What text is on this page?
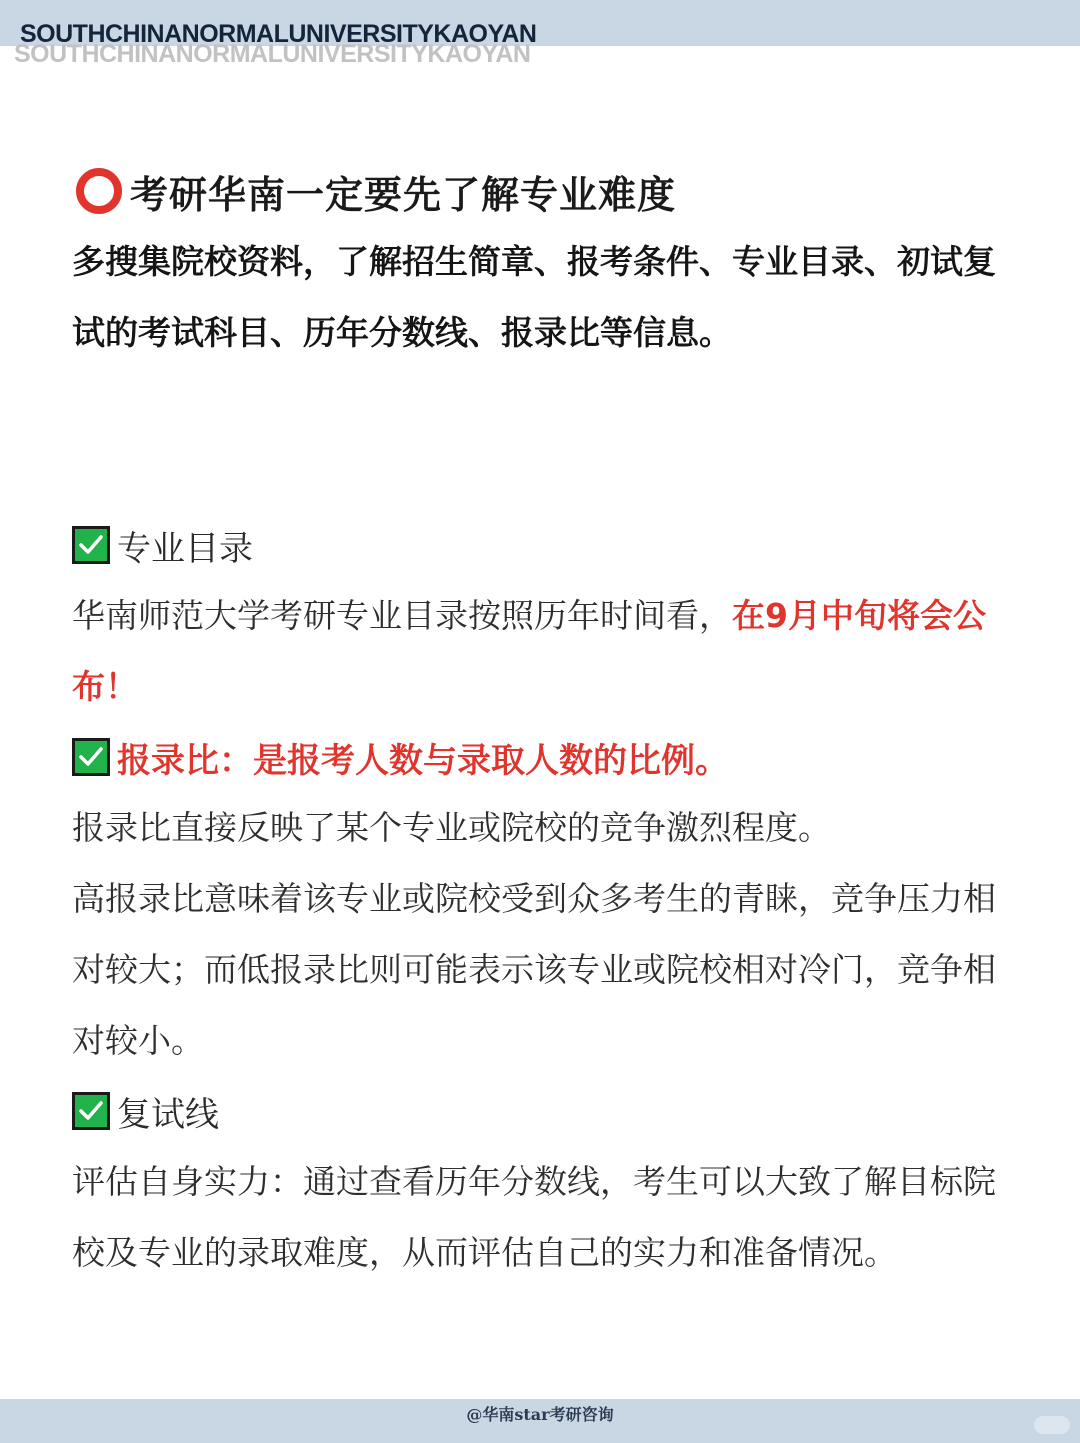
SOUTHCHINANORMALUNIVERSITYKAOYAN
SOUTHCHINANORMALUNIVERSITYKAOYAN
考研华南一定要先了解专业难度
多搜集院校资料，了解招生简章、报考条件、专业目录、初试复试的考试科目、历年分数线、报录比等信息。
专业目录
华南师范大学考研专业目录按照历年时间看，在9月中旬将会公布！
报录比：是报考人数与录取人数的比例。
报录比直接反映了某个专业或院校的竞争激烈程度。
高报录比意味着该专业或院校受到众多考生的青睐，竞争压力相对较大；而低报录比则可能表示该专业或院校相对冷门，竞争相对较小。
复试线
评估自身实力：通过查看历年分数线，考生可以大致了解目标院校及专业的录取难度，从而评估自己的实力和准备情况。
@华南star考研咨询
